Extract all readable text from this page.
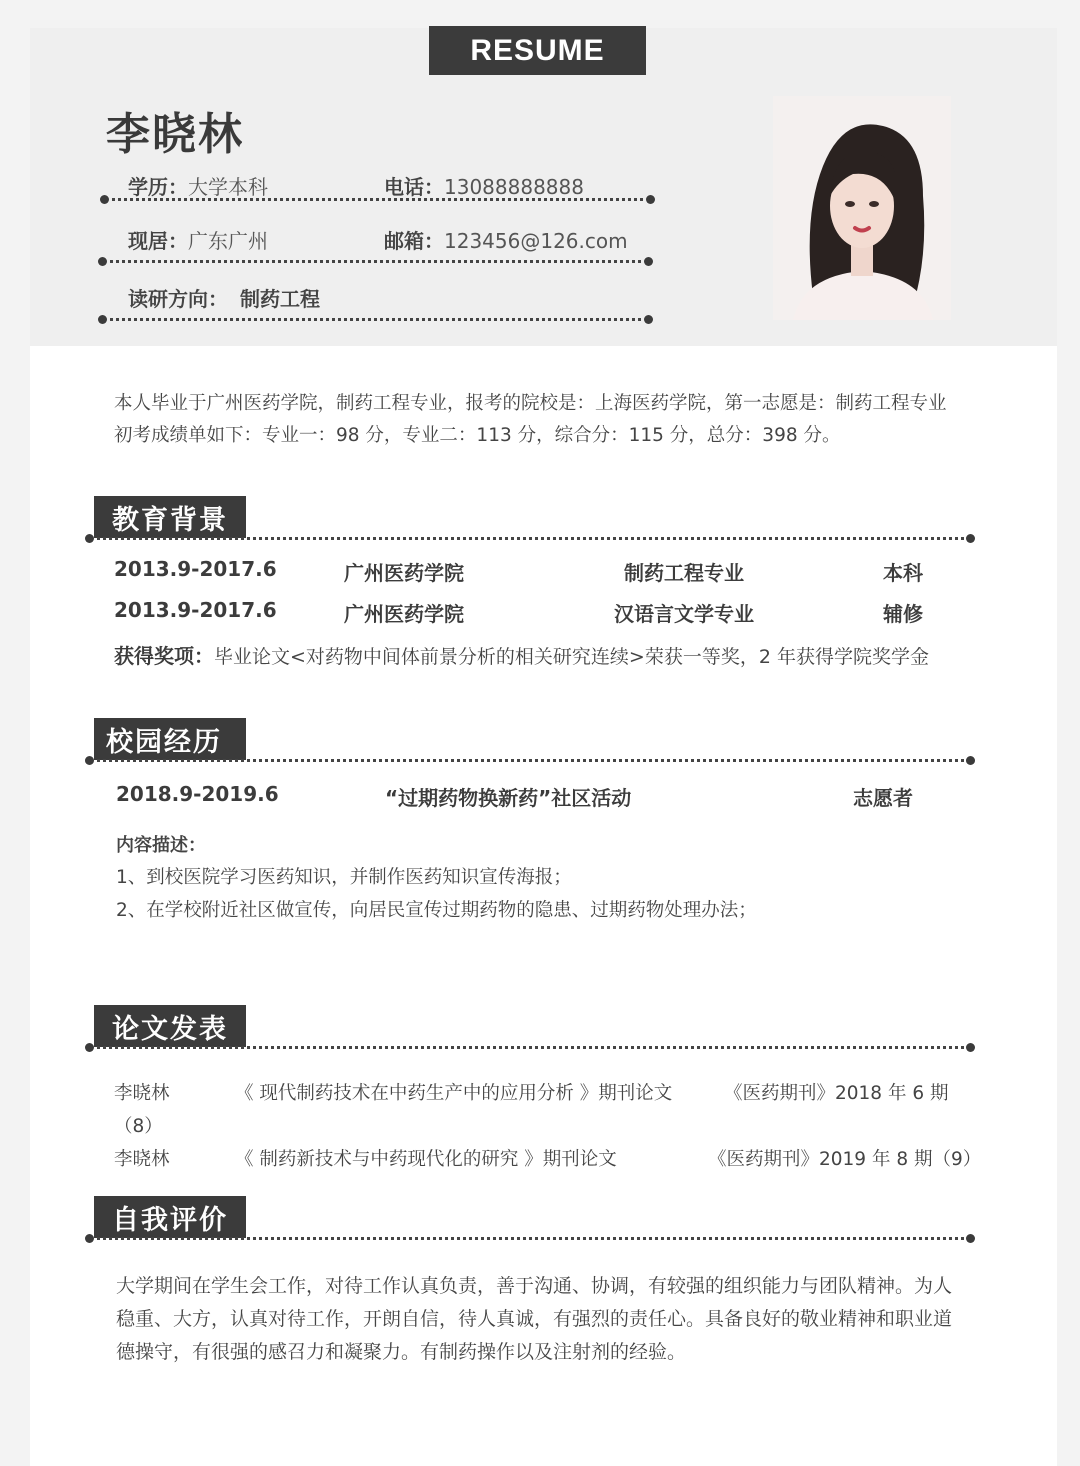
RESUME
李晓林
学历：大学本科	电话：13088888888
现居：广东广州	邮箱：123456@126.com
读研方向： 制药工程
本人毕业于广州医药学院，制药工程专业，报考的院校是：上海医药学院，第一志愿是：制药工程专业
初考成绩单如下：专业一：98 分，专业二：113 分，综合分：115 分，总分：398 分。
教育背景
2013.9-2017.6	广州医药学院	制药工程专业	本科
2013.9-2017.6	广州医药学院	汉语言文学专业	辅修
获得奖项：毕业论文<对药物中间体前景分析的相关研究连续>荣获一等奖，2 年获得学院奖学金
校园经历
2018.9-2019.6	“过期药物换新药”社区活动	志愿者
内容描述：
1、到校医院学习医药知识，并制作医药知识宣传海报；
2、在学校附近社区做宣传，向居民宣传过期药物的隐患、过期药物处理办法；
论文发表
李晓林	《 现代制药技术在中药生产中的应用分析 》期刊论文	《医药期刊》2018 年 6 期
（8）
李晓林	《 制药新技术与中药现代化的研究 》期刊论文	《医药期刊》2019 年 8 期（9）
自我评价
大学期间在学生会工作，对待工作认真负责，善于沟通、协调，有较强的组织能力与团队精神。为人稳重、大方，认真对待工作，开朗自信，待人真诚，有强烈的责任心。具备良好的敬业精神和职业道德操守，有很强的感召力和凝聚力。有制药操作以及注射剂的经验。
